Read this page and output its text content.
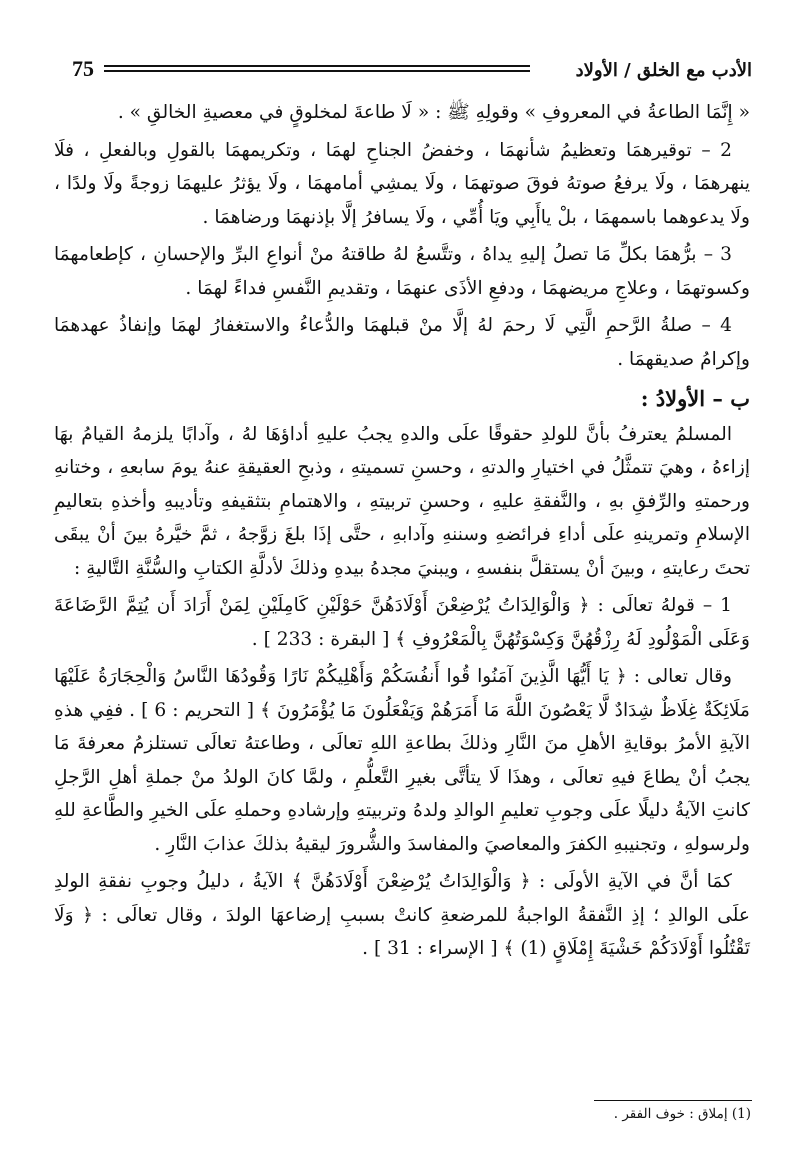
75	الأدب مع الخلق / الأولاد

« إِنَّمَا الطاعةُ في المعروفِ » وقولِهِ ﷺ : « لَا طاعةَ لمخلوقٍ في معصيةِ الخالقِ » .

2 – توقيرهمَا وتعظيمُ شأنهمَا ، وخفضُ الجناحِ لهمَا ، وتكريمهمَا بالقولِ وبالفعلِ ، فلَا ينهرهمَا ، ولَا يرفعُ صوتهُ فوقَ صوتهمَا ، ولَا يمشِي أمامهمَا ، ولَا يؤثرُ عليهمَا زوجةً ولَا ولدًا ، ولَا يدعوهما باسمهمَا ، بلْ ياأَبِي ويَا أُمِّي ، ولَا يسافرُ إلَّا بإذنهمَا ورضاهمَا .

3 – برُّهمَا بكلِّ مَا تصلُ إليهِ يداهُ ، وتتَّسعُ لهُ طاقتهُ منْ أنواعِ البرِّ والإحسانِ ، كإطعامهمَا وكسوتهمَا ، وعلاجِ مريضهمَا ، ودفعِ الأذَى عنهمَا ، وتقديمِ النَّفسِ فداءً لهمَا .

4 – صلةُ الرَّحمِ الَّتِي لَا رحمَ لهُ إلَّا منْ قبلهمَا والدُّعاءُ والاستغفارُ لهمَا وإنفاذُ عهدهمَا وإكرامُ صديقهمَا .

ب – الأولادُ :

المسلمُ يعترفُ بأنَّ للولدِ حقوقًا علَى والدهِ يجبُ عليهِ أداؤهَا لهُ ، وآدابًا يلزمهُ القيامُ بهَا إزاءهُ ، وهيَ تتمثَّلُ في اختيارِ والدتهِ ، وحسنِ تسميتهِ ، وذبحِ العقيقةِ عنهُ يومَ سابعهِ ، وختانهِ ورحمتهِ والرِّفقِ بهِ ، والنَّفقةِ عليهِ ، وحسنِ تربيتهِ ، والاهتمامِ بتثقيفهِ وتأديبهِ وأخذهِ بتعاليمِ الإسلامِ وتمرينهِ علَى أداءِ فرائضهِ وسننهِ وآدابهِ ، حتَّى إذَا بلغَ زوَّجهُ ، ثمَّ خيَّرهُ بينَ أنْ يبقَى تحتَ رعايتهِ ، وبينَ أنْ يستقلَّ بنفسهِ ، ويبنيَ مجدهُ بيدهِ وذلكَ لأدلَّةِ الكتابِ والسُّنَّةِ التَّاليةِ :

1 – قولهُ تعالَى : ﴿ وَالْوَالِدَاتُ يُرْضِعْنَ أَوْلَادَهُنَّ حَوْلَيْنِ كَامِلَيْنِ لِمَنْ أَرَادَ أَن يُتِمَّ الرَّضَاعَةَ وَعَلَى الْمَوْلُودِ لَهُ رِزْقُهُنَّ وَكِسْوَتُهُنَّ بِالْمَعْرُوفِ ﴾ [ البقرة : 233 ] .

وقال تعالى : ﴿ يَا أَيُّهَا الَّذِينَ آمَنُوا قُوا أَنفُسَكُمْ وَأَهْلِيكُمْ نَارًا وَقُودُهَا النَّاسُ وَالْحِجَارَةُ عَلَيْهَا مَلَائِكَةٌ غِلَاظٌ شِدَادٌ لَّا يَعْصُونَ اللَّهَ مَا أَمَرَهُمْ وَيَفْعَلُونَ مَا يُؤْمَرُونَ ﴾ [ التحريم : 6 ] . ففِي هذهِ الآيةِ الأمرُ بوقايةِ الأهلِ منَ النَّارِ وذلكَ بطاعةِ اللهِ تعالَى ، وطاعتهُ تعالَى تستلزمُ معرفةَ مَا يجبُ أنْ يطاعَ فيهِ تعالَى ، وهذَا لَا يتأتَّى بغيرِ التَّعلُّمِ ، ولمَّا كانَ الولدُ منْ جملةِ أهلِ الرَّجلِ كانتِ الآيةُ دليلًا علَى وجوبِ تعليمِ الوالدِ ولدهُ وتربيتهِ وإرشادهِ وحملهِ علَى الخيرِ والطَّاعةِ للهِ ولرسولهِ ، وتجنيبهِ الكفرَ والمعاصيَ والمفاسدَ والشُّرورَ ليقيهُ بذلكَ عذابَ النَّارِ .

كمَا أنَّ في الآيةِ الأولَى : ﴿ وَالْوَالِدَاتُ يُرْضِعْنَ أَوْلَادَهُنَّ ﴾ الآيةُ ، دليلُ وجوبِ نفقةِ الولدِ علَى الوالدِ ؛ إذِ النَّفقةُ الواجبةُ للمرضعةِ كانتْ بسببِ إرضاعهَا الولدَ ، وقال تعالَى : ﴿ وَلَا تَقْتُلُوا أَوْلَادَكُمْ خَشْيَةَ إِمْلَاقٍ (1) ﴾ [ الإسراء : 31 ] .

(1) إملاق : خوف الفقر .
